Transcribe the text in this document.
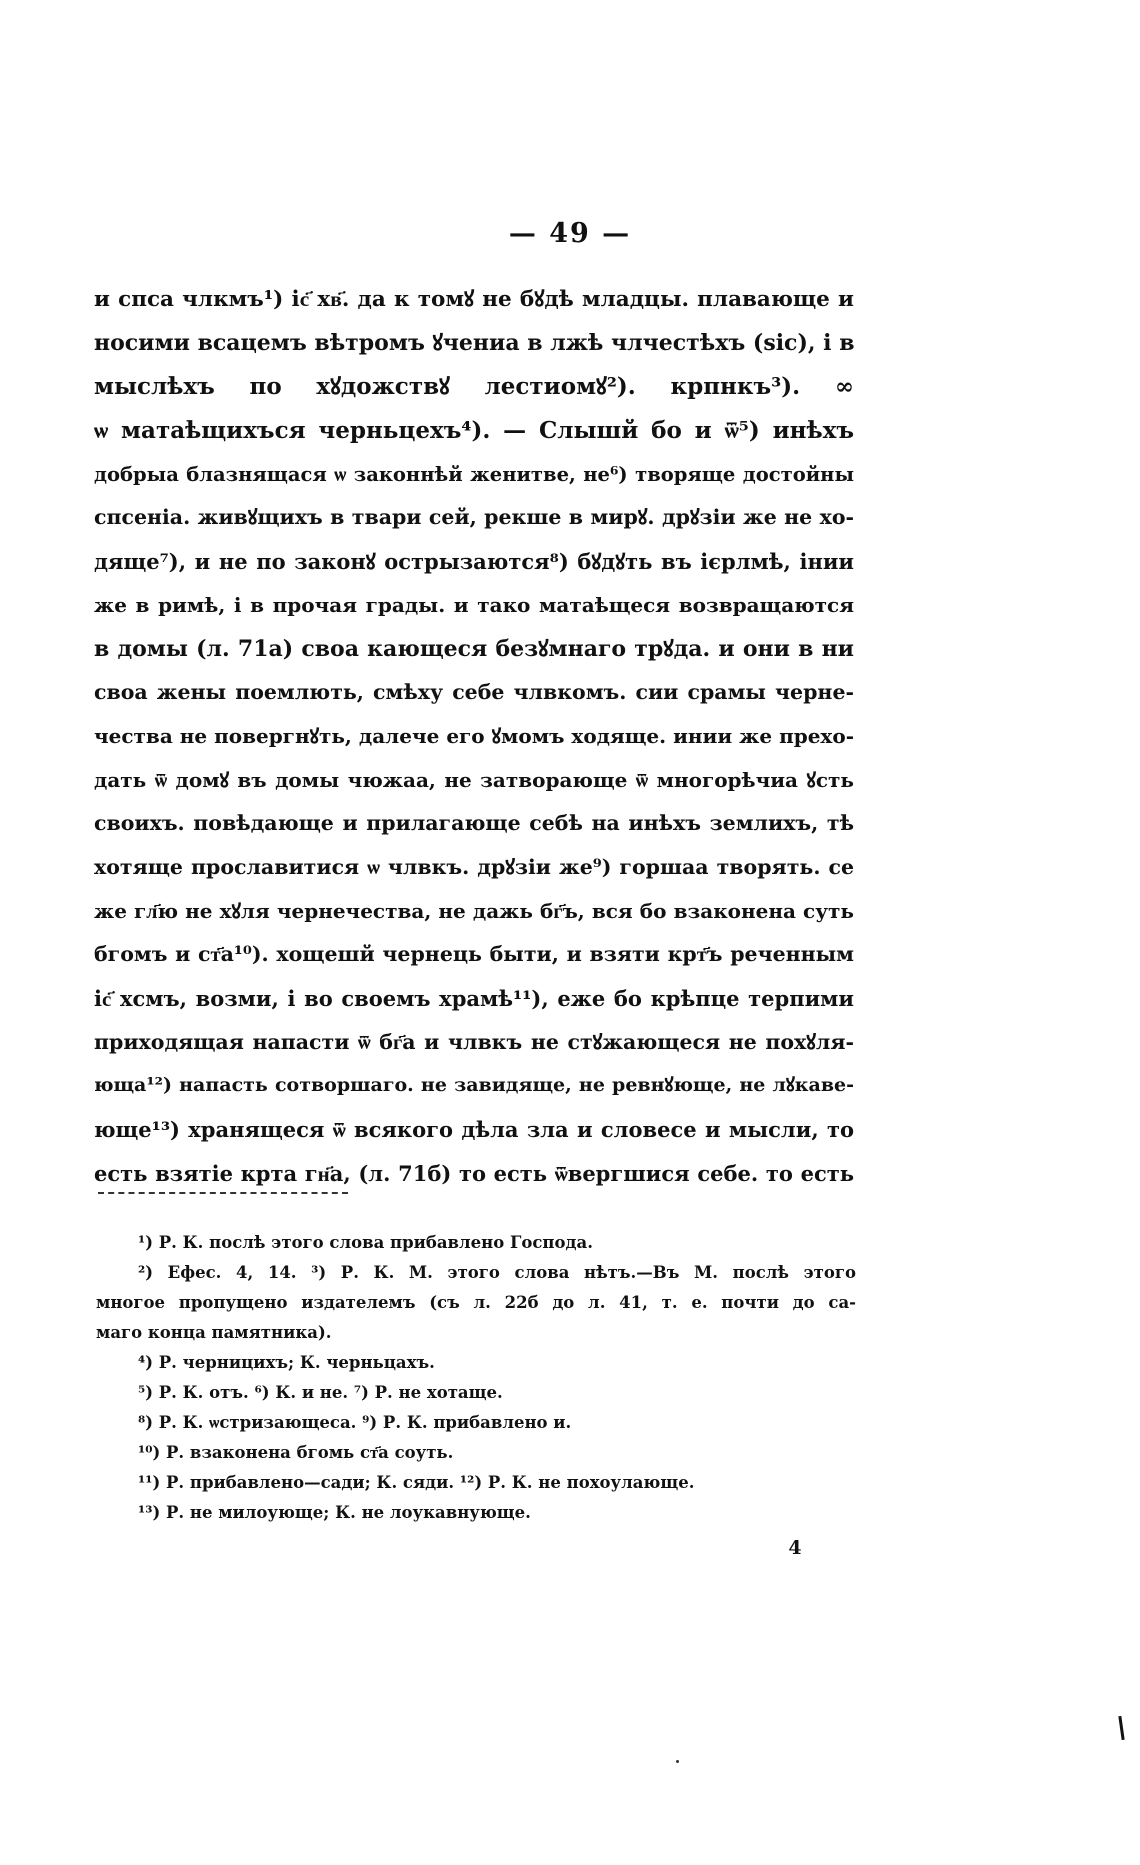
— 49 —
и спса члкмъ¹) іс҃ хв҃. да к томꙋ не бꙋдѣ младцы. плавающе и
носими всацемъ вѣтромъ ꙋчениа в лжѣ члчестѣхъ (sic), і в
мыслѣхъ по хꙋдожствꙋ лестиомꙋ²). крпнкъ³). ∞
ѡ матаѣщихъся черньцехъ⁴). — Слышй бо и ѿ⁵) инѣхъ
добрыа блазнящася ѡ законнѣй женитве, не⁶) творяще достойны
спсеніа. живꙋщихъ в твари сей, рекше в мирꙋ. дрꙋзіи же не хо-
дяще⁷), и не по законꙋ острызаются⁸) бꙋдꙋть въ ієрлмѣ, інии
же в римѣ, і в прочая грады. и тако матаѣщеся возвращаются
в домы (л. 71а) своа кающеся безꙋмнаго трꙋда. и они в ни
своа жены поемлють, смѣху себе члвкомъ. сии срамы черне-
чества не повергнꙋть, далече его ꙋмомъ ходяще. инии же прехо-
дать ѿ домꙋ въ домы чюжаа, не затворающе ѿ многорѣчиа ꙋсть
своихъ. повѣдающе и прилагающе себѣ на инѣхъ землихъ, тѣ
хотяще прославитися ѡ члвкъ. дрꙋзіи же⁹) горшаа творять. се
же гл҃ю не хꙋля чернечества, не дажь бг҃ъ, вся бо взаконена суть
бгомъ и ст҃а¹⁰). хощешй чернець быти, и взяти крт҃ъ реченным
іс҃ хсмъ, возми, і во своемъ храмѣ¹¹), еже бо крѣпце терпими
приходящая напасти ѿ бг҃а и члвкъ не стꙋжающеся не похꙋля-
юща¹²) напасть сотворшаго. не завидяще, не ревнꙋюще, не лꙋкаве-
юще¹³) хранящеся ѿ всякого дѣла зла и словесе и мысли, то
есть взятіе крта гн҃а, (л. 71б) то есть ѿвергшися себе. то есть
¹) Р. К. послѣ этого слова прибавлено Господа.
²) Ефес. 4, 14. ³) Р. К. М. этого слова нѣтъ.—Въ М. послѣ этого
многое пропущено издателемъ (съ л. 22б до л. 41, т. е. почти до са-
маго конца памятника).
⁴) Р. черницихъ; К. черньцахъ.
⁵) Р. К. отъ. ⁶) К. и не. ⁷) Р. не хотаще.
⁸) Р. К. ѡстризающеса. ⁹) Р. К. прибавлено и.
¹⁰) Р. взаконена бгомь ст҃а соуть.
¹¹) Р. прибавлено—сади; К. сяди. ¹²) Р. К. не похоулающе.
¹³) Р. не милоующе; К. не лоукавнующе.
4
